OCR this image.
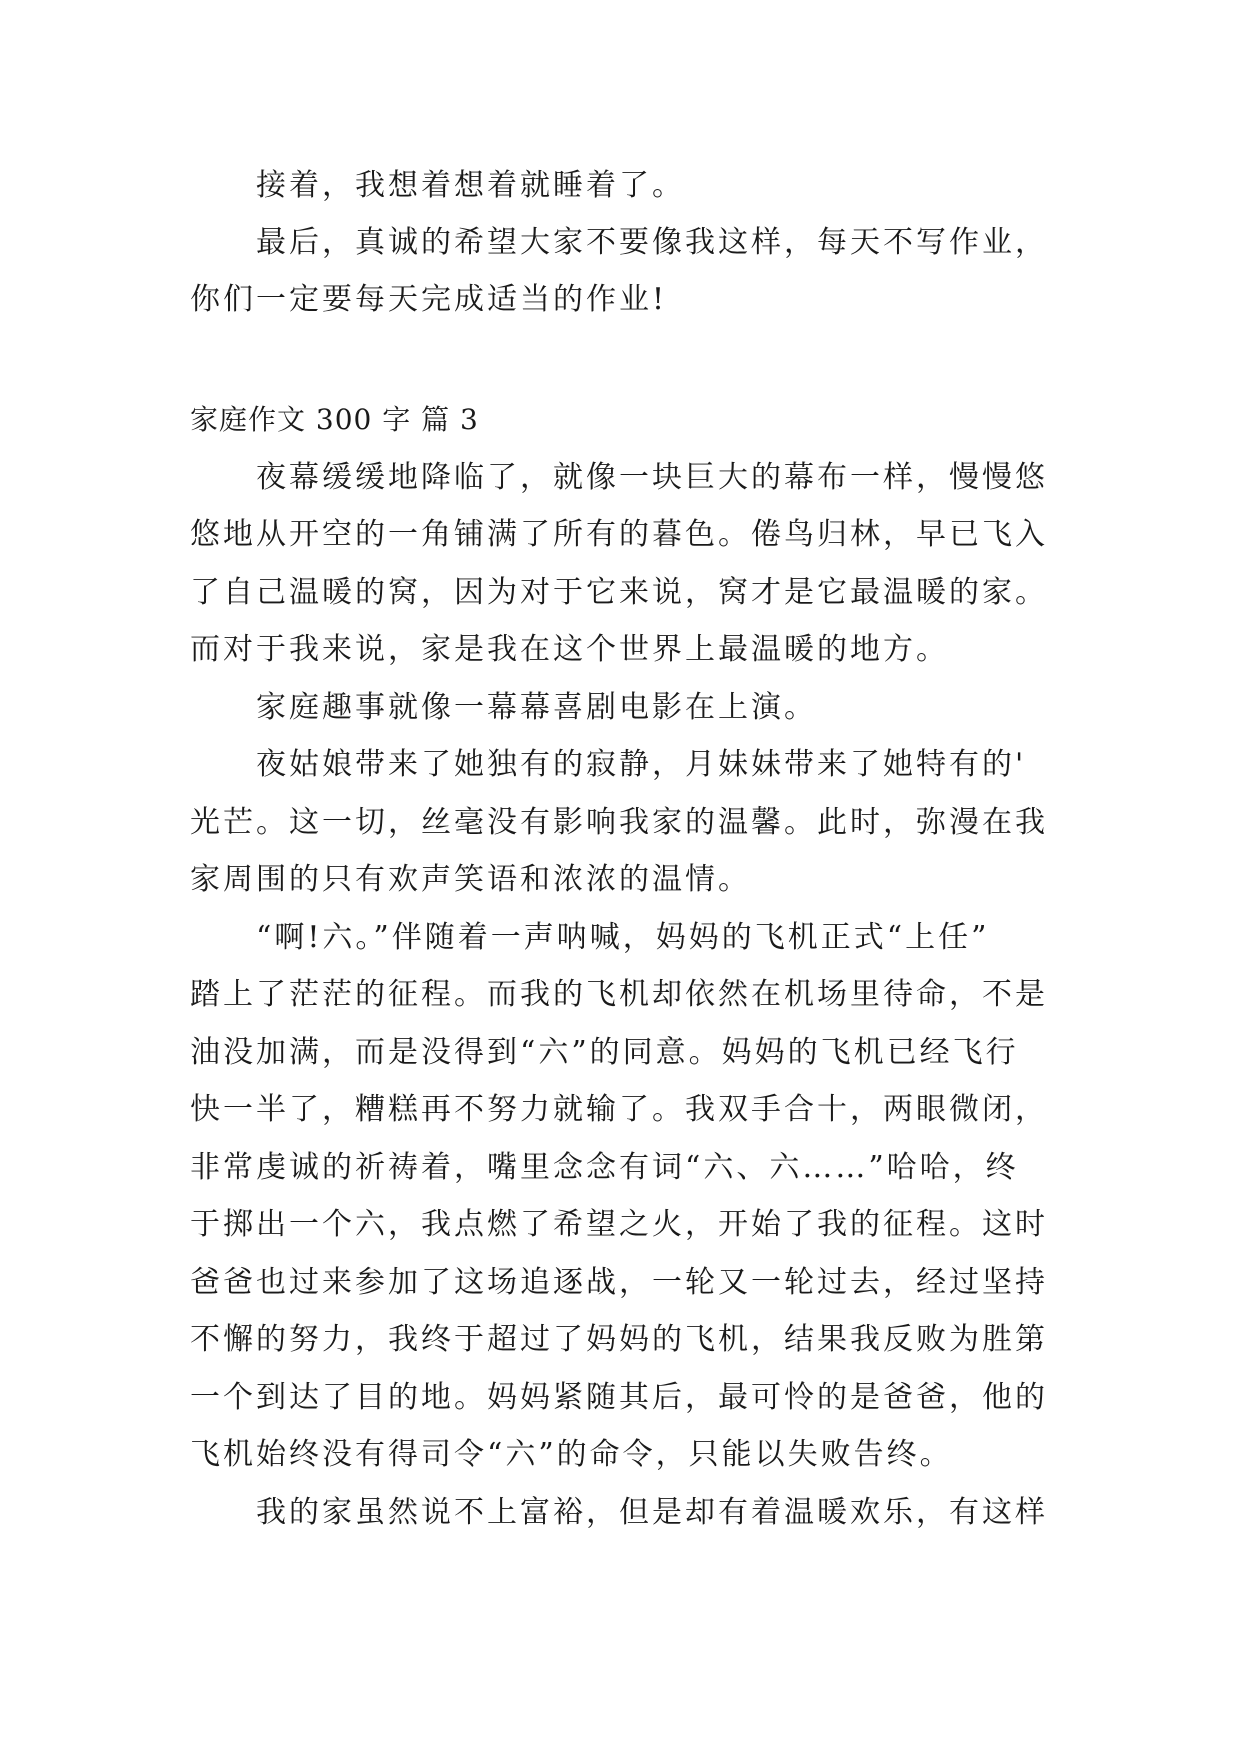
接着，我想着想着就睡着了。
最后，真诚的希望大家不要像我这样，每天不写作业，
你们一定要每天完成适当的作业!
家庭作文 300 字 篇 3
夜幕缓缓地降临了，就像一块巨大的幕布一样，慢慢悠
悠地从开空的一角铺满了所有的暮色。倦鸟归林，早已飞入
了自己温暖的窝，因为对于它来说，窝才是它最温暖的家。
而对于我来说，家是我在这个世界上最温暖的地方。
家庭趣事就像一幕幕喜剧电影在上演。
夜姑娘带来了她独有的寂静，月妹妹带来了她特有的'
光芒。这一切，丝毫没有影响我家的温馨。此时，弥漫在我
家周围的只有欢声笑语和浓浓的温情。
“啊!六。”伴随着一声呐喊，妈妈的飞机正式“上任”
踏上了茫茫的征程。而我的飞机却依然在机场里待命，不是
油没加满，而是没得到“六”的同意。妈妈的飞机已经飞行
快一半了，糟糕再不努力就输了。我双手合十，两眼微闭，
非常虔诚的祈祷着，嘴里念念有词“六、六……”哈哈，终
于掷出一个六，我点燃了希望之火，开始了我的征程。这时
爸爸也过来参加了这场追逐战，一轮又一轮过去，经过坚持
不懈的努力，我终于超过了妈妈的飞机，结果我反败为胜第
一个到达了目的地。妈妈紧随其后，最可怜的是爸爸，他的
飞机始终没有得司令“六”的命令，只能以失败告终。
我的家虽然说不上富裕，但是却有着温暖欢乐，有这样
